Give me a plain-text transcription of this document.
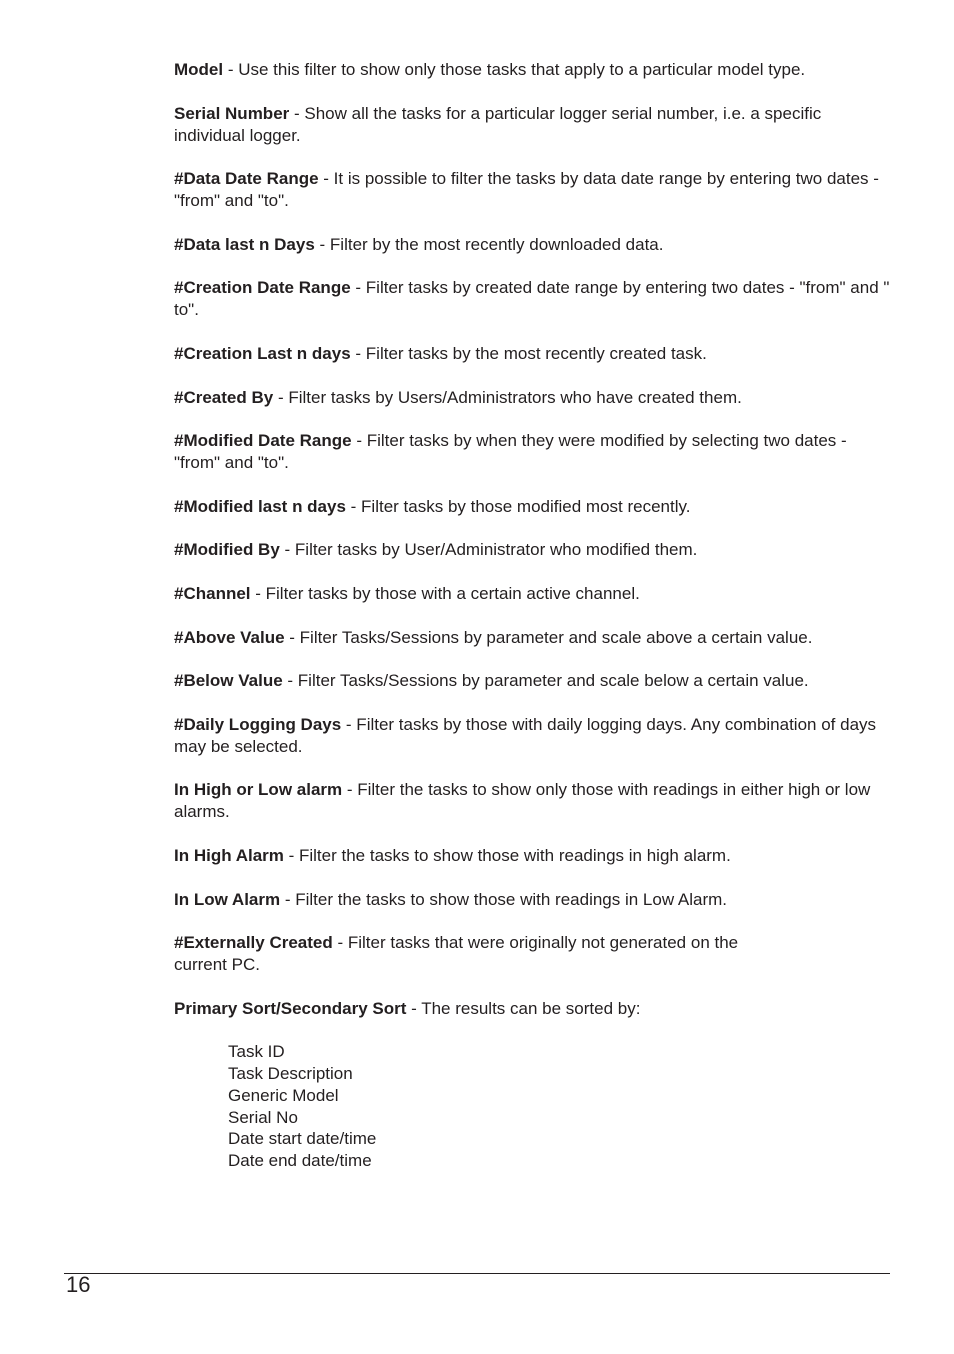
Model - Use this filter to show only those tasks that apply to a particular model type.

Serial Number - Show all the tasks for a particular logger serial number, i.e. a specific individual logger.

#Data Date Range - It is possible to filter the tasks by data date range by entering two dates - "from" and "to".

#Data last n Days - Filter by the most recently downloaded data.

#Creation Date Range - Filter tasks by created date range by entering two dates - "from" and " to".

#Creation Last n days - Filter tasks by the most recently created task.

#Created By - Filter tasks by Users/Administrators who have created them.

#Modified Date Range - Filter tasks by when they were modified by selecting two dates - "from" and "to".

#Modified last n days - Filter tasks by those modified most recently.

#Modified By - Filter tasks by User/Administrator who modified them.

#Channel - Filter tasks by those with a certain active channel.

#Above Value - Filter Tasks/Sessions by parameter and scale above a certain value.

#Below Value - Filter Tasks/Sessions by parameter and scale below a certain value.

#Daily Logging Days - Filter tasks by those with daily logging days. Any combination of days may be selected.

In High or Low alarm - Filter the tasks to show only those with readings in either high or low alarms.

In High Alarm - Filter the tasks to show those with readings in high alarm.

In Low Alarm - Filter the tasks to show those with readings in Low Alarm.

#Externally Created - Filter tasks that were originally not generated on the
current PC.

Primary Sort/Secondary Sort - The results can be sorted by:

Task ID
Task Description
Generic Model
Serial No
Date start date/time
Date end date/time
16
